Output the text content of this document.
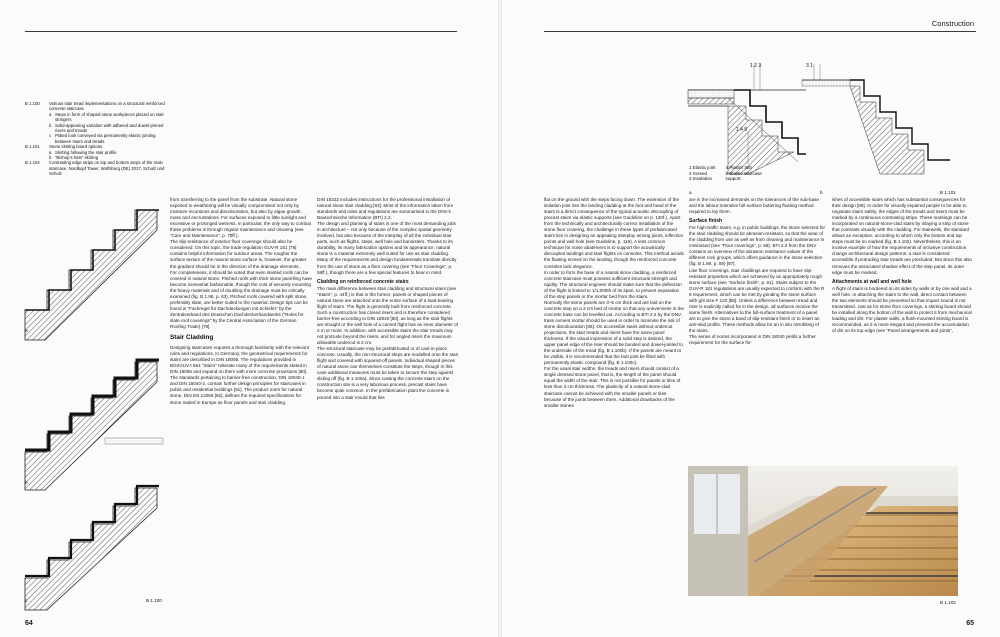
Construction
B 1.100	Various stair tread implementations on a structural reinforced concrete staircase
a Steps in form of shaped stone workpieces placed on stair stringers
b Solid-appearing variation with adhered and dowel-pinned risers and treads
c Plated look conveyed via permanently elastic jointing between risers and treads
B 1.101	Stone skirting board options
a Skirting following the stair profile
b “Bishop’s hats” skirting
B 1.102	Contrasting edge strips on top and bottom steps of the main staircase, Nordkopf Tower, Wolfsburg (DE) 2017, Schulz und Schulz
a
b
c	B 1.100

from transferring to the panel from the substrate. Natural stone exposed to weathering will be visually compromised not only by moisture incursions and discolouration, but also by algae growth, moss and encrustations. For surfaces exposed to little sunlight and excessive or prolonged wetness, in particular, the only way to combat these problems is through regular maintenance and cleaning (see “Care and Maintenance”, p. 70ff.).

The slip-resistance of exterior floor coverings should also be considered. On this topic, the trade regulation GUV-R 181 [78] contains helpful information for outdoor areas. The rougher the surface texture of the natural stone surface is, however, the greater the gradient should be in the direction of the drainage elements.

For completeness, it should be noted that even slanted roofs can be covered in natural stone. Pitched roofs with thick stone panelling have become somewhat fashionable, though the cost of securely mounting the heavy materials and of doubling the drainage must be critically examined (fig. B 1.98, p. 63). Pitched roofs covered with split stone, preferably slate, are better suited to the material. Design tips can be found in “Fachregel für Dachdeckungen mit Schiefer” by the Zentralverband des Deutschen Dachdeckerhandwerks (“Rules for slate roof coverings” by the Central Association of the German Roofing Trade) [79].

Stair Cladding

Designing staircases requires a thorough familiarity with the relevant rules and regulations. In Germany, the geometrical requirements for stairs are described in DIN 18065. The regulations provided in BGI/GUV-I 561 “Stairs” reiterate many of the requirements stated in DIN 18065 and expand on them with more concrete provisions [80]. The standards pertaining to barrier-free construction, DIN 18040-1 and DIN 18040-2, contain further design principles for staircases in public and residential buildings [81]. The product norm for natural stone, DIN EN 12058 [82], defines the required specifications for stone traded in Europe as floor panels and stair cladding.

DIN 18332 includes instructions for the professional installation of natural stone stair cladding [83]. Most of the information taken from standards and rules and regulations are summarised in the DNV’s Bautechnische Information (BTI) 2.2.

The design and planning of stairs is one of the most demanding jobs in architecture – not only because of the complex spatial geometry involved, but also because of the interplay of all the individual stair parts, such as flights, steps, well hole and bannisters. Thanks to its durability, its many fabrication options and its appearance, natural stone is a material extremely well suited for use as stair cladding. Many of the requirements and design fundamentals translate directly from the use of stone as a floor covering (see “Floor Coverings”, p. 58ff.), though there are a few special features to bear in mind.

Cladding on reinforced concrete stairs

The main difference between stair cladding and structural stairs (see “Stairs”, p. 44ff.) is that in the former, panels or shaped pieces of natural stone are attached onto the entire surface of a load-bearing flight of stairs. The flight is generally built from reinforced concrete. Such a construction has closed risers and is therefore considered barrier-free according to DIN 18040 [80], as long as the stair flights are straight or the well hole of a curved flight has an inner diameter of 2 m or more. In addition, with accessible stairs the stair treads may not protrude beyond the risers, and for angled risers the maximum allowable undercut is 2 cm.

The structural staircase may be prefabricated or of cast-in-place concrete. Usually, the non-structural steps are modelled onto the stair flight and covered with squared-off panels. Individual shaped pieces of natural stone can themselves constitute the steps, though in this case additional measures must be taken to secure the step against sliding off (fig. B 1.100a). Since casting the concrete stairs on the construction site is a very laborious process, precast stairs have become quite common. In the prefabrication plant the concrete is poured into a stair mould that lies

64
1 2 3	3 1
1 4 5
1 Elastic joint
2 Screed
3 Insulation
4 Plaster lath
5 Elastic staircase support
a	b	B 1.101

flat on the ground with the steps facing down. The extension of the isolation joint into the landing cladding at the foot and head of the stairs is a direct consequence of the typical acoustic decoupling of precast stairs via elastic supports (see Guideline on p. 120f.). Apart from the technically and architecturally correct installation of the stone floor covering, the challenge in these types of prefabricated stairs lies in designing an appealing interplay among joints, inflection points and well hole (see Guideline, p. 119). A less common technique for noise abatement is to support the acoustically decoupled landings and stair flights on consoles. This method avoids the floating screed on the landing, though the reinforced concrete consoles lack elegance.

In order to form the base of a natural stone cladding, a reinforced concrete staircase must possess sufficient structural strength and rigidity. The structural engineer should make sure that the deflection of the flight is limited to 1/1,000th of its span, to prevent separation of the step panels or the mortar bed from the stairs.

Normally the stone panels are 3–5 cm thick and are laid on the concrete step on a 2 cm bed of mortar so that any unevenness in the concrete base can be levelled out. According to BTI 2.2 by the DNV, trass cement mortar should be used in order to minimise the risk of stone discolouration [86]. On accessible stairs without undercut projections, the stair treads and risers have the same panel thickness. If the visual impression of a solid step is desired, the upper panel edge of the riser should be bonded and dowel-jointed to the underside of the tread (fig. B 1.100b). If the panels are meant to be visible, it is recommended that the butt joint be filled with permanently elastic compound (fig. B 1.100c).

For the usual stair widths, the treads and risers should consist of a single dressed stone panel, that is, the length of the panel should equal the width of the stair. This is not possible for panels or tiles of less than 3 cm thickness. The plasticity of a natural stone-clad staircase cannot be achieved with the smaller panels or tiles because of the joints between them. Additional drawbacks of the smaller stones

are in the increased demands on the tolerances of the sub-base and the labour-intensive full-surface buttering floating method required to lay them.

Surface finish

For high-traffic stairs, e.g. in public buildings, the stone selected for the stair cladding should be abrasion-resistant, so that the wear of the cladding from use as well as from cleaning and maintenance is minimised (see “Floor coverings”, p. 58). BTI 2.2 from the DNV contains an overview of the abrasion resistance values of the different rock groups, which offers guidance in the stone selection (fig. B 1.89, p. 59) [87].

Like floor coverings, stair claddings are required to have slip-resistant properties which are achieved by an appropriately rough stone surface (see “Surface finish”, p. 61). Stairs subject to the GUV-R 181 regulations are usually expected to conform with the R 9 requirement, which can be met by grinding the stone surface with grit size F 120 [88]. Unless a difference between tread and riser is explicitly called for in the design, all surfaces receive the same finish. Alternatives to the full-surface treatment of a panel are to give the stone a band of slip-resistant finish or to insert an anti-skid profile. These methods allow for an in situ retrofitting of the stairs.

The series of norms incorporated in DIN 18040 yields a further requirement for the surface fin-

ishes of accessible stairs which has substantial consequences for their design [89]. In order for visually impaired people to be able to negotiate stairs safely, the edges of the treads and risers must be marked by a continuous contrasting stripe. These markings can be incorporated on natural-stone-clad stairs by inlaying a strip of stone that contrasts visually with the cladding. For stairwells, the standard allows an exception, according to which only the bottom and top steps must be so marked (fig. B 1.102). Nevertheless, this is an incisive example of how the requirements of inclusive construction change architectural design patterns: a stair is considered accessible if protruding stair treads are precluded. But since this also removes the associated shadow effect of the step panel, its outer edge must be marked.

Attachments at wall and well hole

A flight of stairs is bordered on its sides by walls or by one wall and a well hole. In attaching the stairs to the wall, direct contact between the two elements should be prevented so that impact sound is not transmitted. Just as for stone floor coverings, a skirting board should be installed along the bottom of the wall to protect it from mechanical loading and dirt. For plaster walls, a flush-mounted skirting board is recommended, as it is more elegant and prevents the accumulation of dirt on its top edge (see “Panel arrangements and joints”,

B 1.102
65
